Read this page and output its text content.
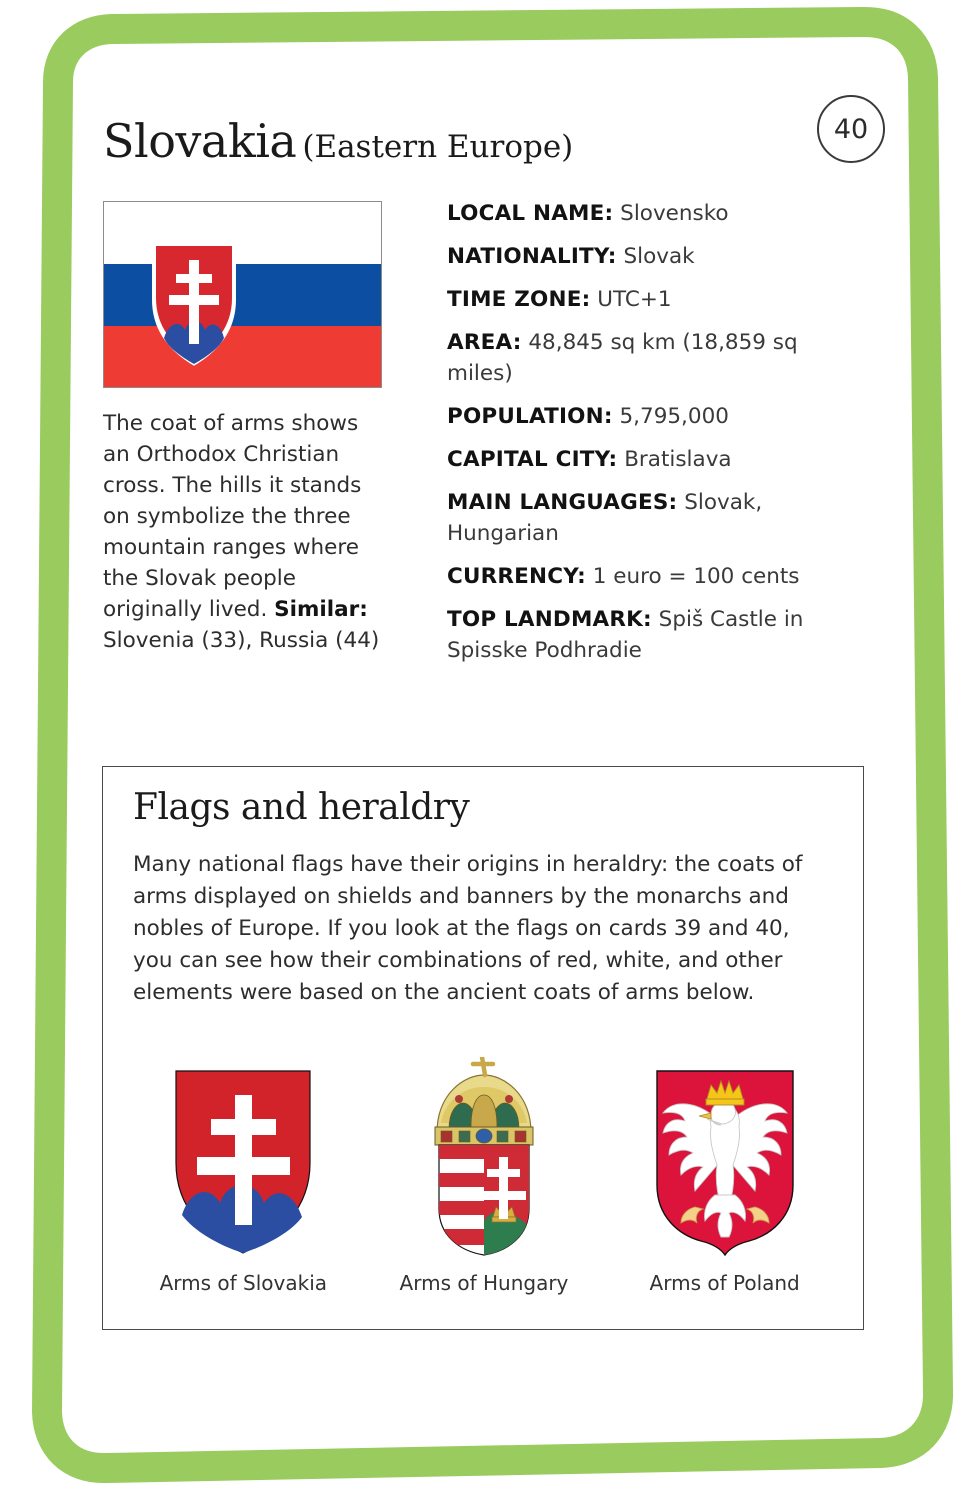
Slovakia (Eastern Europe)	40
The coat of arms shows an Orthodox Christian cross. The hills it stands on symbolize the three mountain ranges where the Slovak people originally lived. Similar: Slovenia (33), Russia (44)
LOCAL NAME: Slovensko
NATIONALITY: Slovak
TIME ZONE: UTC+1
AREA: 48,845 sq km (18,859 sq miles)
POPULATION: 5,795,000
CAPITAL CITY: Bratislava
MAIN LANGUAGES: Slovak, Hungarian
CURRENCY: 1 euro = 100 cents
TOP LANDMARK: Spiš Castle in Spisske Podhradie
Flags and heraldry
Many national flags have their origins in heraldry: the coats of arms displayed on shields and banners by the monarchs and nobles of Europe. If you look at the flags on cards 39 and 40, you can see how their combinations of red, white, and other elements were based on the ancient coats of arms below.
Arms of Slovakia	Arms of Hungary	Arms of Poland
